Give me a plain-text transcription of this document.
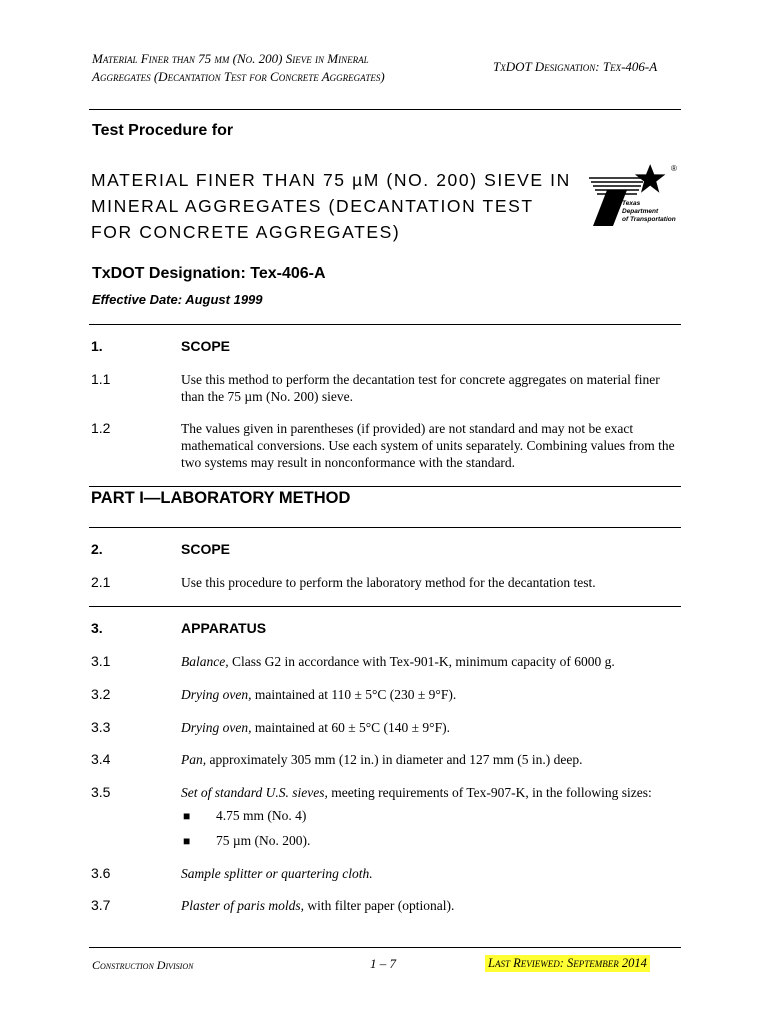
Material Finer than 75 µm (No. 200) Sieve in Mineral
Aggregates (Decantation Test for Concrete Aggregates)
TxDOT Designation: Tex-406-A
Test Procedure for
MATERIAL FINER THAN 75 µM (NO. 200) SIEVE IN
MINERAL AGGREGATES (DECANTATION TEST
FOR CONCRETE AGGREGATES)
®
Texas
Department
of Transportation
TxDOT Designation: Tex-406-A
Effective Date: August 1999
1.	SCOPE
1.1	Use this method to perform the decantation test for concrete aggregates on material finer than the 75 µm (No. 200) sieve.
1.2	The values given in parentheses (if provided) are not standard and may not be exact mathematical conversions. Use each system of units separately. Combining values from the two systems may result in nonconformance with the standard.
PART I—LABORATORY METHOD
2.	SCOPE
2.1	Use this procedure to perform the laboratory method for the decantation test.
3.	APPARATUS
3.1	Balance, Class G2 in accordance with Tex-901-K, minimum capacity of 6000 g.
3.2	Drying oven, maintained at 110 ± 5°C (230 ± 9°F).
3.3	Drying oven, maintained at 60 ± 5°C (140 ± 9°F).
3.4	Pan, approximately 305 mm (12 in.) in diameter and 127 mm (5 in.) deep.
3.5	Set of standard U.S. sieves, meeting requirements of Tex-907-K, in the following sizes:
■ 4.75 mm (No. 4)
■ 75 µm (No. 200).
3.6	Sample splitter or quartering cloth.
3.7	Plaster of paris molds, with filter paper (optional).
Construction Division	1 – 7	Last Reviewed: September 2014
